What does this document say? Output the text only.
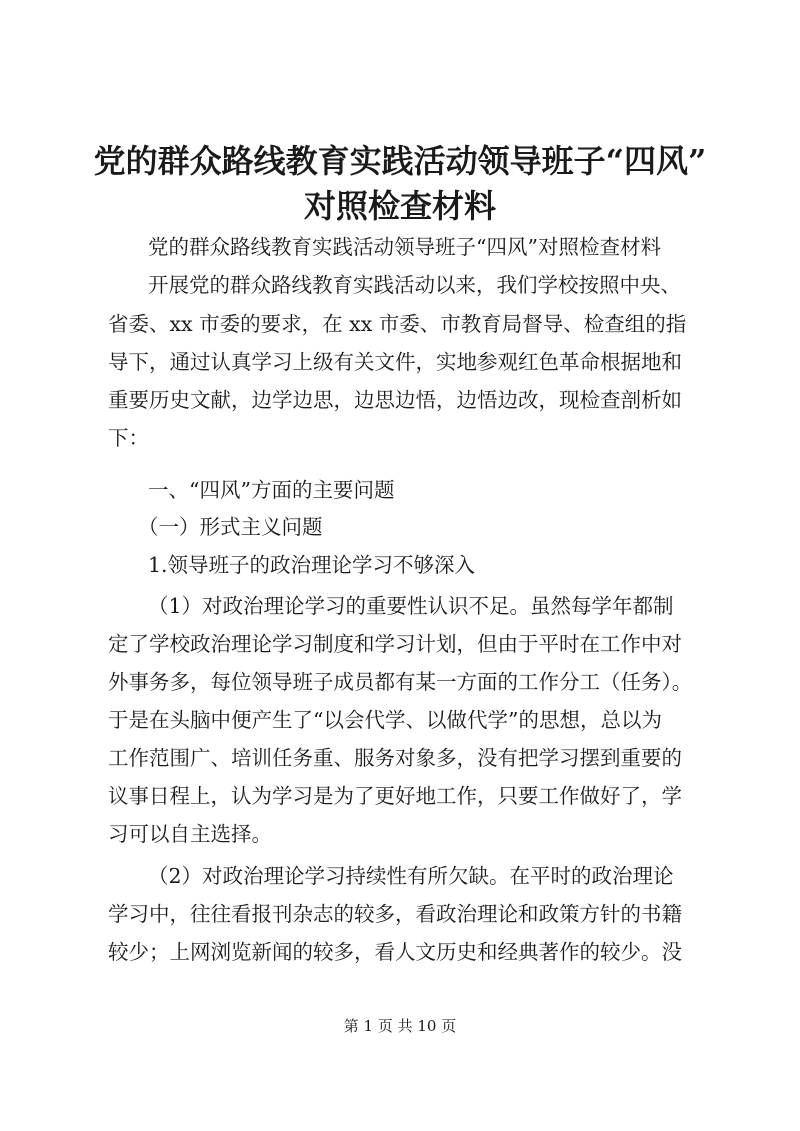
党的群众路线教育实践活动领导班子“四风”
对照检查材料
党的群众路线教育实践活动领导班子“四风”对照检查材料
开展党的群众路线教育实践活动以来，我们学校按照中央、
省委、xx 市委的要求，在 xx 市委、市教育局督导、检查组的指
导下，通过认真学习上级有关文件，实地参观红色革命根据地和
重要历史文献，边学边思，边思边悟，边悟边改，现检查剖析如
下：
一、“四风”方面的主要问题
（一）形式主义问题
1.领导班子的政治理论学习不够深入
（1）对政治理论学习的重要性认识不足。虽然每学年都制
定了学校政治理论学习制度和学习计划，但由于平时在工作中对
外事务多，每位领导班子成员都有某一方面的工作分工（任务）。
于是在头脑中便产生了“以会代学、以做代学”的思想，总以为
工作范围广、培训任务重、服务对象多，没有把学习摆到重要的
议事日程上，认为学习是为了更好地工作，只要工作做好了，学
习可以自主选择。
（2）对政治理论学习持续性有所欠缺。在平时的政治理论
学习中，往往看报刊杂志的较多，看政治理论和政策方针的书籍
较少；上网浏览新闻的较多，看人文历史和经典著作的较少。没
第 1 页 共 10 页
